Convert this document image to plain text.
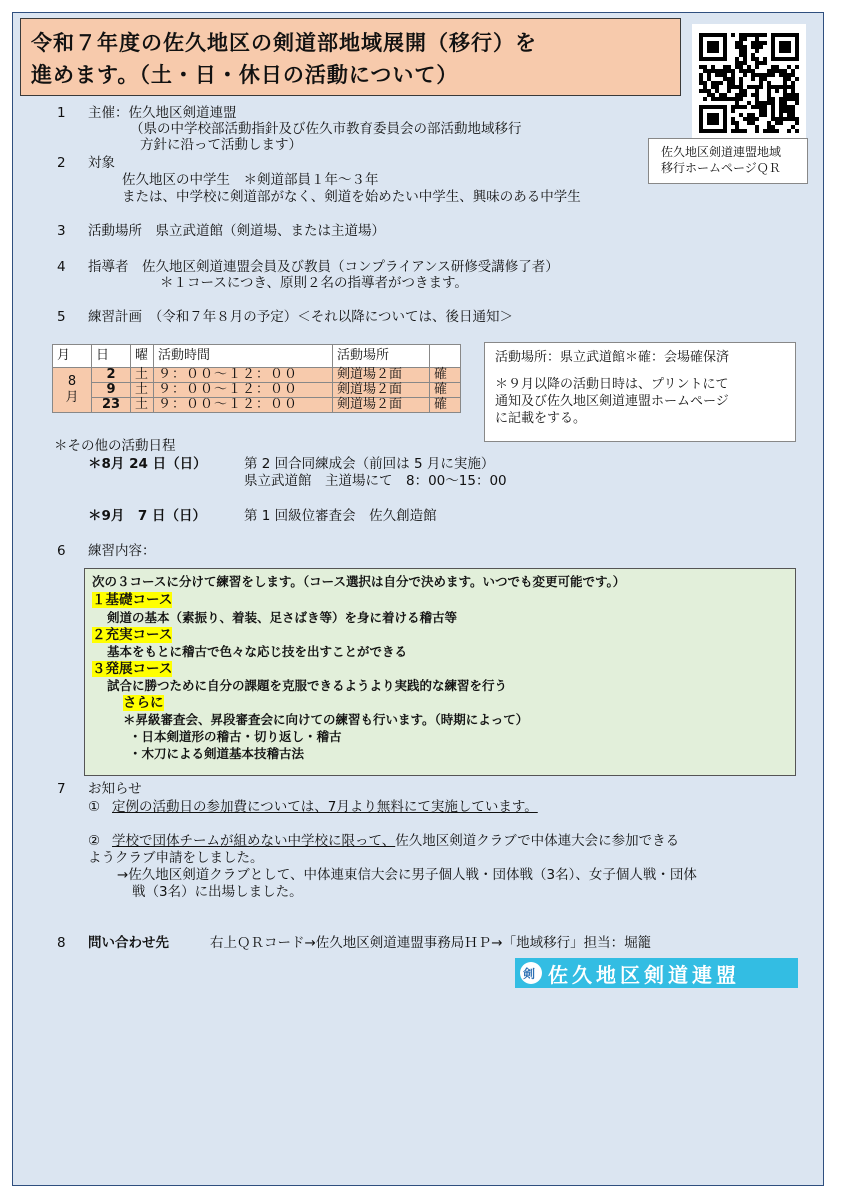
令和７年度の佐久地区の剣道部地域展開（移行）を
進めます。（土・日・休日の活動について）
佐久地区剣道連盟地域
移行ホームページＱＲ
1 主催：佐久地区剣道連盟
（県の中学校部活動指針及び佐久市教育委員会の部活動地域移行
方針に沿って活動します）
2 対象
佐久地区の中学生　＊剣道部員１年～３年
または、中学校に剣道部がなく、剣道を始めたい中学生、興味のある中学生
3 活動場所　県立武道館（剣道場、または主道場）
4 指導者　佐久地区剣道連盟会員及び教員（コンプライアンス研修受講修了者）
＊１コースにつき、原則２名の指導者がつきます。
5 練習計画　（令和７年８月の予定）＜それ以降については、後日通知＞
月	日	曜	活動時間	活動場所	

8
月	2	土	９：００～１２：００	剣道場２面	確
	9	土	９：００～１２：００	剣道場２面	確
	23	土	９：００～１２：００	剣道場２面	確
活動場所：県立武道館＊確：会場確保済
＊９月以降の活動日時は、プリントにて
通知及び佐久地区剣道連盟ホームページ
に記載をする。
＊その他の活動日程
＊8月 24 日（日）	第 2 回合同練成会（前回は 5 月に実施）
県立武道館　主道場にて　8：00～15：00
＊9月　7 日（日）	第 1 回級位審査会　佐久創造館
6 練習内容：
次の３コースに分けて練習をします。（コース選択は自分で決めます。いつでも変更可能です。）
１基礎コース
剣道の基本（素振り、着装、足さばき等）を身に着ける稽古等
２充実コース
基本をもとに稽古で色々な応じ技を出すことができる
３発展コース
試合に勝つために自分の課題を克服できるようより実践的な練習を行う
さらに
＊昇級審査会、昇段審査会に向けての練習も行います。（時期によって）
・日本剣道形の稽古・切り返し・稽古
・木刀による剣道基本技稽古法
7 お知らせ
① 定例の活動日の参加費については、7月より無料にて実施しています。
② 学校で団体チームが組めない中学校に限って、佐久地区剣道クラブで中体連大会に参加できる
ようクラブ申請をしました。
→佐久地区剣道クラブとして、中体連東信大会に男子個人戦・団体戦（3名）、女子個人戦・団体
戦（3名）に出場しました。
8 問い合わせ先	右上ＱＲコード→佐久地区剣道連盟事務局ＨＰ→「地域移行」担当：堀籠
剣 佐久地区剣道連盟
